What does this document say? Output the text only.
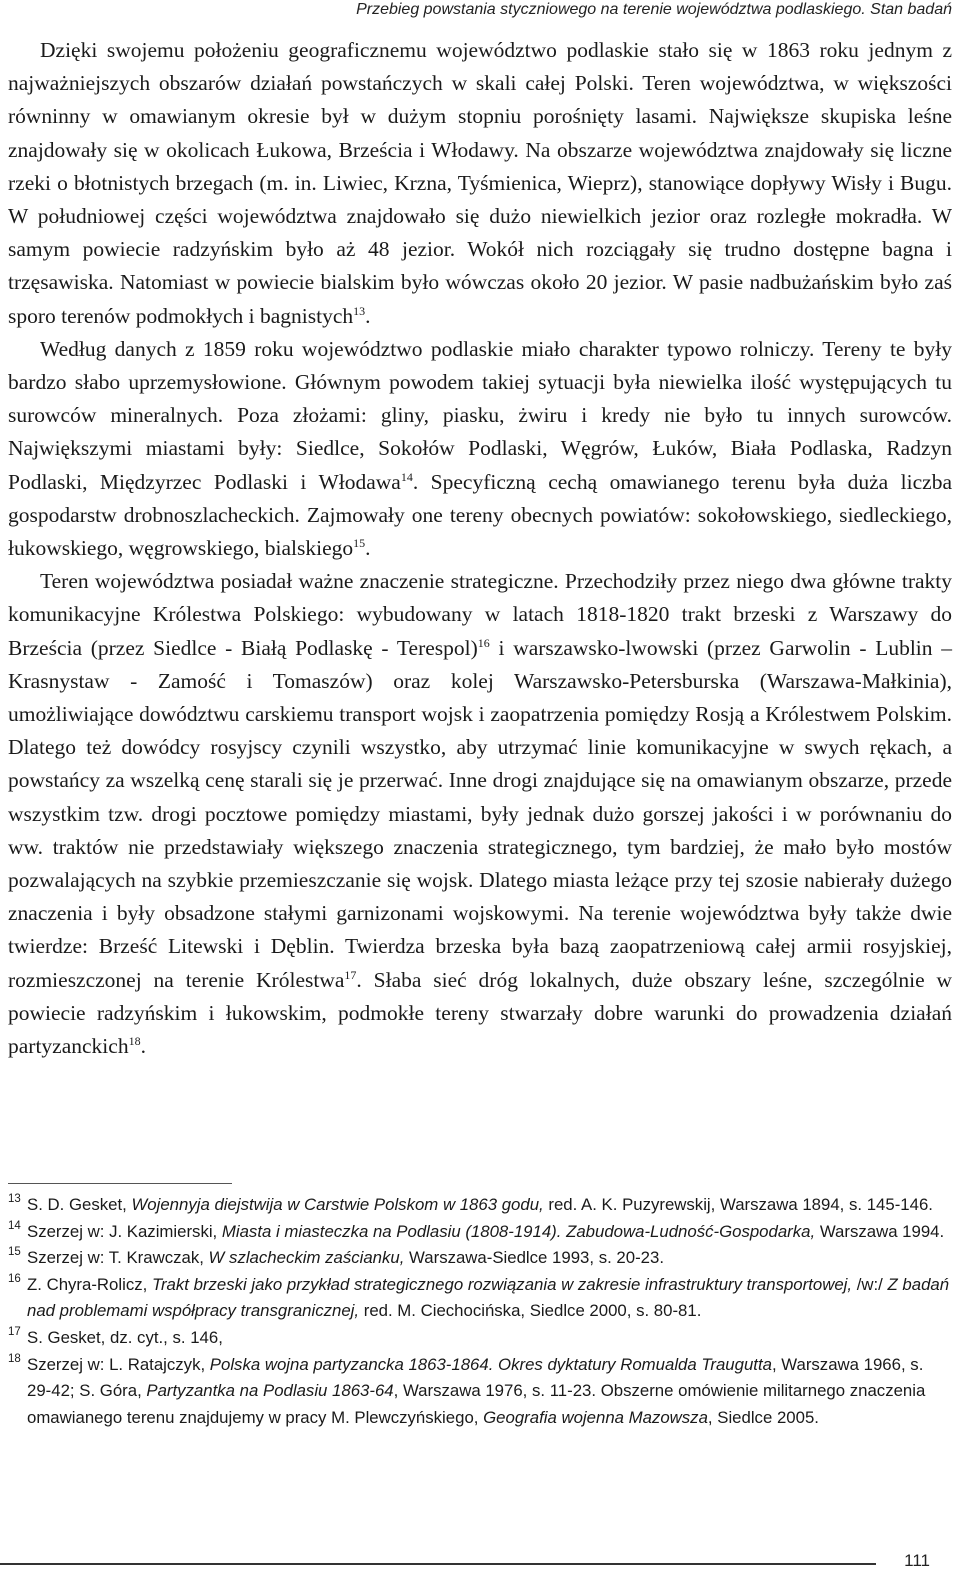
Przebieg powstania styczniowego na terenie województwa podlaskiego. Stan badań

Dzięki swojemu położeniu geograficznemu województwo podlaskie stało się w 1863 roku jednym z najważniejszych obszarów działań powstańczych w skali całej Polski. Teren województwa, w większości równinny w omawianym okresie był w dużym stopniu porośnięty lasami. Największe skupiska leśne znajdowały się w okolicach Łukowa, Brześcia i Włodawy. Na obszarze województwa znajdowały się liczne rzeki o błotnistych brzegach (m. in. Liwiec, Krzna, Tyśmienica, Wieprz), stanowiące dopływy Wisły i Bugu. W południowej części województwa znajdowało się dużo niewielkich jezior oraz rozległe mokradła. W samym powiecie radzyńskim było aż 48 jezior. Wokół nich rozciągały się trudno dostępne bagna i trzęsawiska. Natomiast w powiecie bialskim było wówczas około 20 jezior. W pasie nadbużańskim było zaś sporo terenów podmokłych i bagnistych$^{13}$.

Według danych z 1859 roku województwo podlaskie miało charakter typowo rolniczy. Tereny te były bardzo słabo uprzemysłowione. Głównym powodem takiej sytuacji była niewielka ilość występujących tu surowców mineralnych. Poza złożami: gliny, piasku, żwiru i kredy nie było tu innych surowców. Największymi miastami były: Siedlce, Sokołów Podlaski, Węgrów, Łuków, Biała Podlaska, Radzyn Podlaski, Międzyrzec Podlaski i Włodawa$^{14}$. Specyficzną cechą omawianego terenu była duża liczba gospodarstw drobnoszlacheckich. Zajmowały one tereny obecnych powiatów: sokołowskiego, siedleckiego, łukowskiego, węgrowskiego, bialskiego$^{15}$.

Teren województwa posiadał ważne znaczenie strategiczne. Przechodziły przez niego dwa główne trakty komunikacyjne Królestwa Polskiego: wybudowany w latach 1818-1820 trakt brzeski z Warszawy do Brześcia (przez Siedlce - Białą Podlaskę - Terespol)$^{16}$ i warszawsko-lwowski (przez Garwolin - Lublin – Krasnystaw - Zamość i Tomaszów) oraz kolej Warszawsko-Petersburska (Warszawa-Małkinia), umożliwiające dowództwu carskiemu transport wojsk i zaopatrzenia pomiędzy Rosją a Królestwem Polskim. Dlatego też dowódcy rosyjscy czynili wszystko, aby utrzymać linie komunikacyjne w swych rękach, a powstańcy za wszelką cenę starali się je przerwać. Inne drogi znajdujące się na omawianym obszarze, przede wszystkim tzw. drogi pocztowe pomiędzy miastami, były jednak dużo gorszej jakości i w porównaniu do ww. traktów nie przedstawiały większego znaczenia strategicznego, tym bardziej, że mało było mostów pozwalających na szybkie przemieszczanie się wojsk. Dlatego miasta leżące przy tej szosie nabierały dużego znaczenia i były obsadzone stałymi garnizonami wojskowymi. Na terenie województwa były także dwie twierdze: Brześć Litewski i Dęblin. Twierdza brzeska była bazą zaopatrzeniową całej armii rosyjskiej, rozmieszczonej na terenie Królestwa$^{17}$. Słaba sieć dróg lokalnych, duże obszary leśne, szczególnie w powiecie radzyńskim i łukowskim, podmokłe tereny stwarzały dobre warunki do prowadzenia działań partyzanckich$^{18}$.

13 S. D. Gesket, Wojennyja diejstwija w Carstwie Polskom w 1863 godu, red. A. K. Puzyrewskij, Warszawa 1894, s. 145-146.
14 Szerzej w: J. Kazimierski, Miasta i miasteczka na Podlasiu (1808-1914). Zabudowa-Ludność-Gospodarka, Warszawa 1994.
15 Szerzej w: T. Krawczak, W szlacheckim zaścianku, Warszawa-Siedlce 1993, s. 20-23.
16 Z. Chyra-Rolicz, Trakt brzeski jako przykład strategicznego rozwiązania w zakresie infrastruktury transportowej, /w:/ Z badań nad problemami współpracy transgranicznej, red. M. Ciechocińska, Siedlce 2000, s. 80-81.
17 S. Gesket, dz. cyt., s. 146,
18 Szerzej w: L. Ratajczyk, Polska wojna partyzancka 1863-1864. Okres dyktatury Romualda Traugutta, Warszawa 1966, s. 29-42; S. Góra, Partyzantka na Podlasiu 1863-64, Warszawa 1976, s. 11-23. Obszerne omówienie militarnego znaczenia omawianego terenu znajdujemy w pracy M. Plewczyńskiego, Geografia wojenna Mazowsza, Siedlce 2005.
111
